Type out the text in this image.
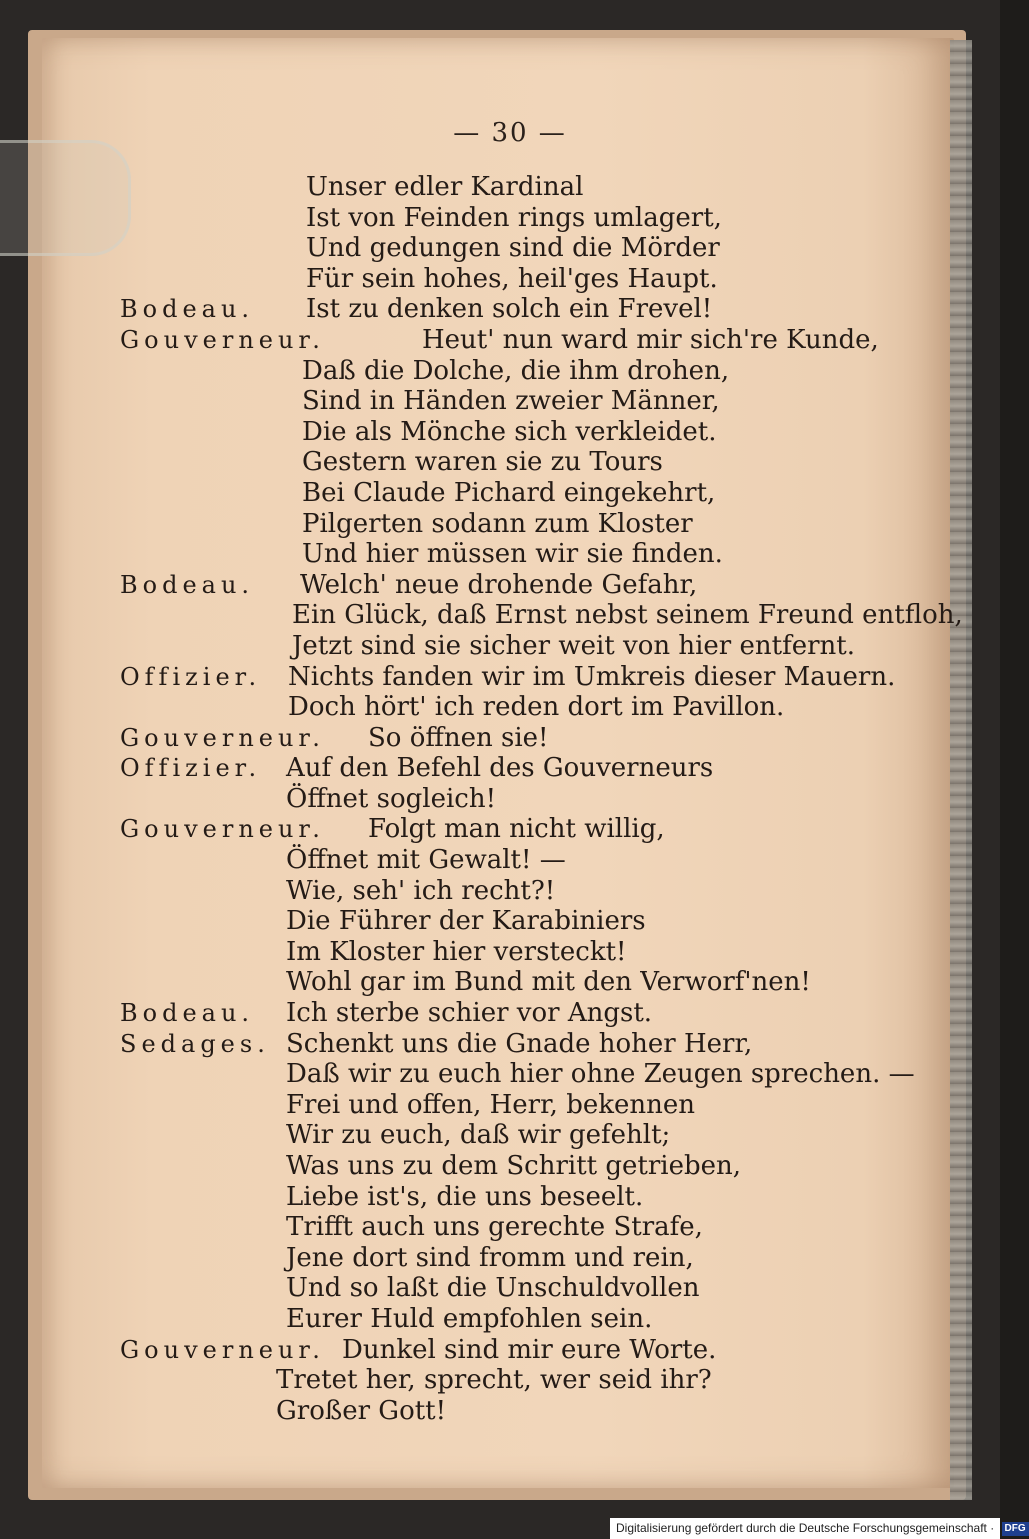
— 30 —
Unser edler Kardinal
Ist von Feinden rings umlagert,
Und gedungen sind die Mörder
Für sein hohes, heil'ges Haupt.
Bodeau. Ist zu denken solch ein Frevel!
Gouverneur.	Heut' nun ward mir sich're Kunde,
Daß die Dolche, die ihm drohen,
Sind in Händen zweier Männer,
Die als Mönche sich verkleidet.
Gestern waren sie zu Tours
Bei Claude Pichard eingekehrt,
Pilgerten sodann zum Kloster
Und hier müssen wir sie finden.
Bodeau. Welch' neue drohende Gefahr,
Ein Glück, daß Ernst nebst seinem Freund entfloh,
Jetzt sind sie sicher weit von hier entfernt.
Offizier. Nichts fanden wir im Umkreis dieser Mauern.
Doch hört' ich reden dort im Pavillon.
Gouverneur. So öffnen sie!
Offizier. Auf den Befehl des Gouverneurs
Öffnet sogleich!
Gouverneur. Folgt man nicht willig,
Öffnet mit Gewalt! —
Wie, seh' ich recht?!
Die Führer der Karabiniers
Im Kloster hier versteckt!
Wohl gar im Bund mit den Verworf'nen!
Bodeau. Ich sterbe schier vor Angst.
Sedages. Schenkt uns die Gnade hoher Herr,
Daß wir zu euch hier ohne Zeugen sprechen. —
Frei und offen, Herr, bekennen
Wir zu euch, daß wir gefehlt;
Was uns zu dem Schritt getrieben,
Liebe ist's, die uns beseelt.
Trifft auch uns gerechte Strafe,
Jene dort sind fromm und rein,
Und so laßt die Unschuldvollen
Eurer Huld empfohlen sein.
Gouverneur. Dunkel sind mir eure Worte.
Tretet her, sprecht, wer seid ihr?
Großer Gott!
Digitalisierung gefördert durch die Deutsche Forschungsgemeinschaft · DFG
